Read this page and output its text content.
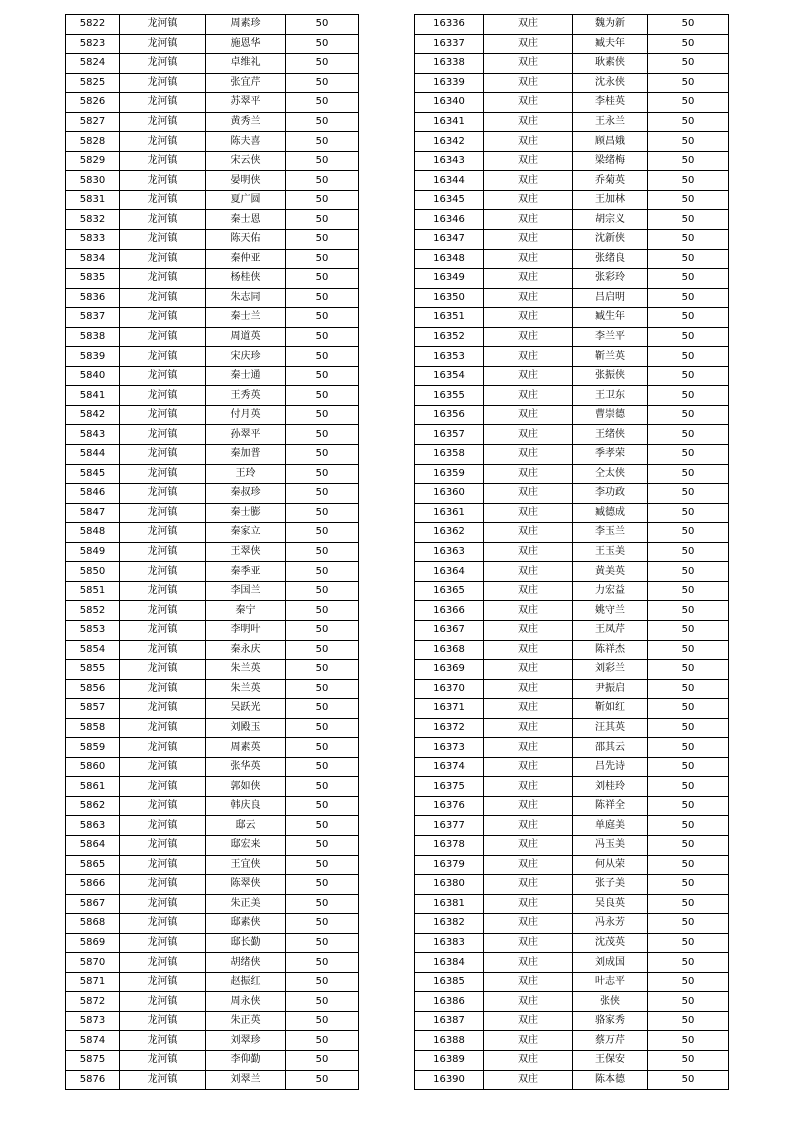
5822	龙河镇	周素珍	50
5823	龙河镇	施恩华	50
5824	龙河镇	卓维礼	50
5825	龙河镇	张宜芹	50
5826	龙河镇	苏翠平	50
5827	龙河镇	黄秀兰	50
5828	龙河镇	陈夫喜	50
5829	龙河镇	宋云侠	50
5830	龙河镇	晏明侠	50
5831	龙河镇	夏广圆	50
5832	龙河镇	秦士恩	50
5833	龙河镇	陈天佑	50
5834	龙河镇	秦仲亚	50
5835	龙河镇	杨桂侠	50
5836	龙河镇	朱志同	50
5837	龙河镇	秦士兰	50
5838	龙河镇	周道英	50
5839	龙河镇	宋庆珍	50
5840	龙河镇	秦士通	50
5841	龙河镇	王秀英	50
5842	龙河镇	付月英	50
5843	龙河镇	孙翠平	50
5844	龙河镇	秦加普	50
5845	龙河镇	王玲	50
5846	龙河镇	秦叔珍	50
5847	龙河镇	秦士膨	50
5848	龙河镇	秦家立	50
5849	龙河镇	王翠侠	50
5850	龙河镇	秦季亚	50
5851	龙河镇	李国兰	50
5852	龙河镇	秦宁	50
5853	龙河镇	李明叶	50
5854	龙河镇	秦永庆	50
5855	龙河镇	朱兰英	50
5856	龙河镇	朱兰英	50
5857	龙河镇	吴跃光	50
5858	龙河镇	刘殿玉	50
5859	龙河镇	周素英	50
5860	龙河镇	张华英	50
5861	龙河镇	郭如侠	50
5862	龙河镇	韩庆良	50
5863	龙河镇	邸云	50
5864	龙河镇	邸宏来	50
5865	龙河镇	王宜侠	50
5866	龙河镇	陈翠侠	50
5867	龙河镇	朱正美	50
5868	龙河镇	邸素侠	50
5869	龙河镇	邸长勤	50
5870	龙河镇	胡绪侠	50
5871	龙河镇	赵振红	50
5872	龙河镇	周永侠	50
5873	龙河镇	朱正英	50
5874	龙河镇	刘翠珍	50
5875	龙河镇	李仰勤	50
5876	龙河镇	刘翠兰	50
16336	双庄	魏为新	50
16337	双庄	臧夫年	50
16338	双庄	耿素侠	50
16339	双庄	沈永侠	50
16340	双庄	李桂英	50
16341	双庄	王永兰	50
16342	双庄	顾昌娥	50
16343	双庄	梁绪梅	50
16344	双庄	乔菊英	50
16345	双庄	王加林	50
16346	双庄	胡宗义	50
16347	双庄	沈新侠	50
16348	双庄	张绪良	50
16349	双庄	张彩玲	50
16350	双庄	吕启明	50
16351	双庄	臧生年	50
16352	双庄	李兰平	50
16353	双庄	靳兰英	50
16354	双庄	张振侠	50
16355	双庄	王卫东	50
16356	双庄	曹崇德	50
16357	双庄	王绪侠	50
16358	双庄	季孝荣	50
16359	双庄	仝太侠	50
16360	双庄	李功政	50
16361	双庄	臧德成	50
16362	双庄	李玉兰	50
16363	双庄	王玉美	50
16364	双庄	黄美英	50
16365	双庄	力宏益	50
16366	双庄	姚守兰	50
16367	双庄	王凤芹	50
16368	双庄	陈祥杰	50
16369	双庄	刘彩兰	50
16370	双庄	尹振启	50
16371	双庄	靳如红	50
16372	双庄	汪其英	50
16373	双庄	邵其云	50
16374	双庄	吕先诗	50
16375	双庄	刘桂玲	50
16376	双庄	陈祥全	50
16377	双庄	单庭美	50
16378	双庄	冯玉美	50
16379	双庄	何从荣	50
16380	双庄	张子美	50
16381	双庄	吴良英	50
16382	双庄	冯永芳	50
16383	双庄	沈茂英	50
16384	双庄	刘成国	50
16385	双庄	叶志平	50
16386	双庄	张侠	50
16387	双庄	骆家秀	50
16388	双庄	蔡万芹	50
16389	双庄	王保安	50
16390	双庄	陈本德	50
